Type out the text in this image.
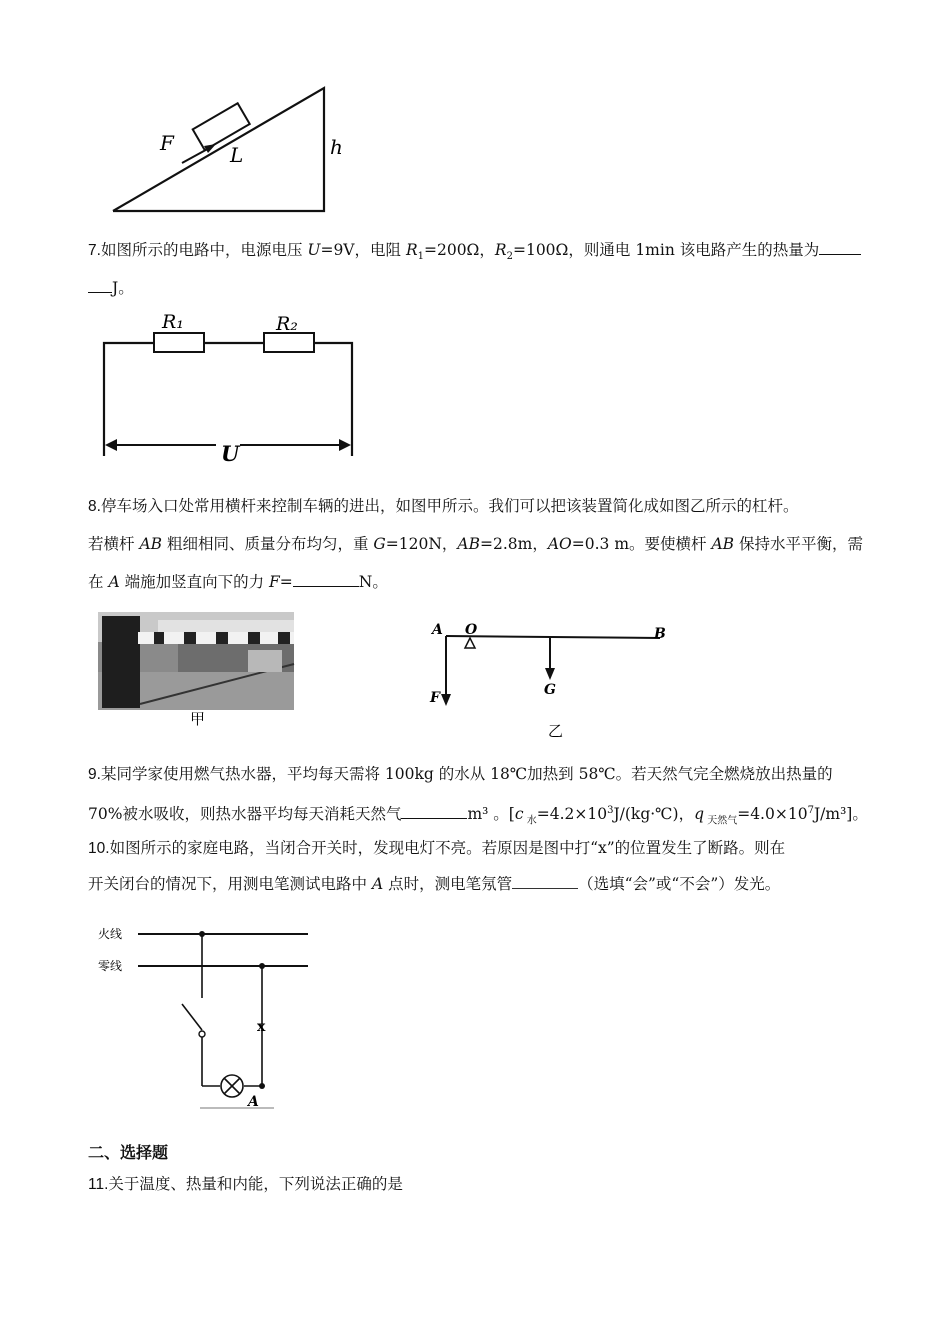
F	L	h
7.如图所示的电路中，电源电压 U=9V，电阻 $R_1=200\Omega$，$R_2=100\Omega$，则通电 1min 该电路产生的热量为
J。
R₁	R₂
U
8.停车场入口处常用横杆来控制车辆的进出，如图甲所示。我们可以把该装置简化成如图乙所示的杠杆。
若横杆 AB 粗细相同、质量分布均匀，重 G=120N，AB=2.8m，AO=0.3 m。要使横杆 AB 保持水平平衡，需
在 A 端施加竖直向下的力 F=	N。
甲
A O	B
F	G
乙
9.某同学家使用燃气热水器，平均每天需将 100kg 的水从 18℃加热到 58℃。若天然气完全燃烧放出热量的
70%被水吸收，则热水器平均每天消耗天然气	m³ 。[c $_水=4.2\times 10^3J/(kg\cdot℃)$，q $_{天然气}=4.0\times 10^7J/m^3$]。
10.如图所示的家庭电路，当闭合开关时，发现电灯不亮。若原因是图中打“x”的位置发生了断路。则在
开关闭台的情况下，用测电笔测试电路中 A 点时，测电笔氖管	（选填“会”或“不会”）发光。
火线
零线
x
A
二、选择题
11.关于温度、热量和内能，下列说法正确的是
